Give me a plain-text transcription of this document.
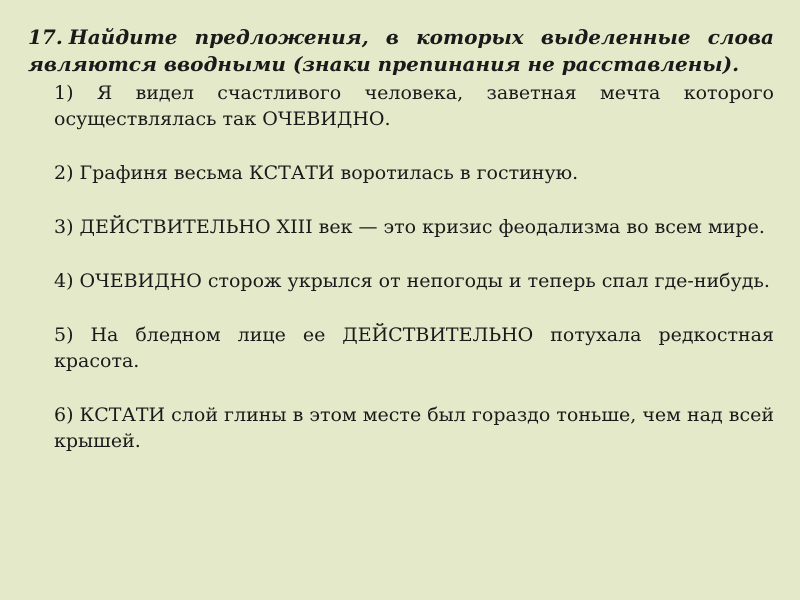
17. Найдите предложения, в которых выделенные слова являются вводными (знаки препинания не расставлены).
1) Я видел счастливого человека, заветная мечта которого осуществлялась так ОЧЕВИДНО.
2) Графиня весьма КСТАТИ воротилась в гостиную.
3) ДЕЙСТВИТЕЛЬНО XIII век — это кризис феодализма во всем мире.
4) ОЧЕВИДНО сторож укрылся от непогоды и теперь спал где-нибудь.
5) На бледном лице ее ДЕЙСТВИТЕЛЬНО потухала редкостная красота.
6) КСТАТИ слой глины в этом месте был гораздо тоньше, чем над всей крышей.
